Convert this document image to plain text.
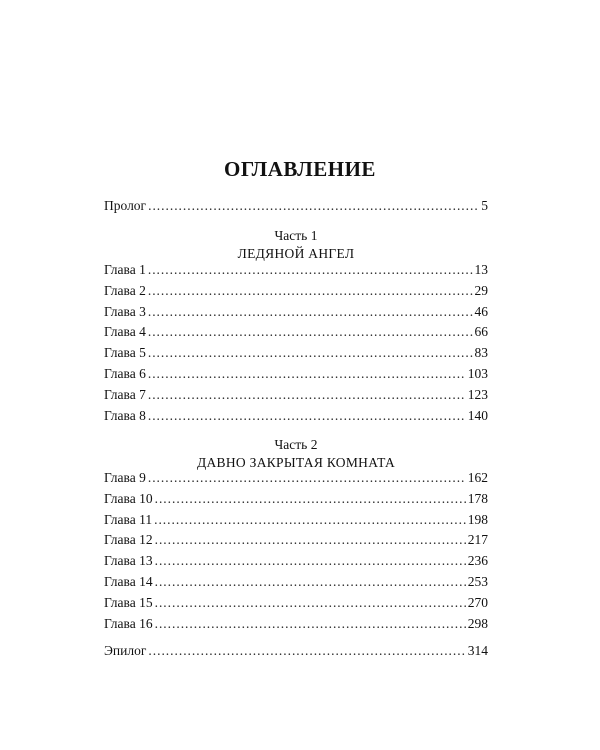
ОГЛАВЛЕНИЕ
Пролог . . .	5
Часть 1
ЛЕДЯНОЙ АНГЕЛ
Глава 1 . . .	13
Глава 2 . . .	29
Глава 3 . . .	46
Глава 4 . . .	66
Глава 5 . . .	83
Глава 6 . . .	103
Глава 7 . . .	123
Глава 8 . . .	140
Часть 2
ДАВНО ЗАКРЫТАЯ КОМНАТА
Глава 9 . . .	162
Глава 10 . . .	178
Глава 11 . . .	198
Глава 12 . . .	217
Глава 13 . . .	236
Глава 14 . . .	253
Глава 15 . . .	270
Глава 16 . . .	298
Эпилог . . .	314
